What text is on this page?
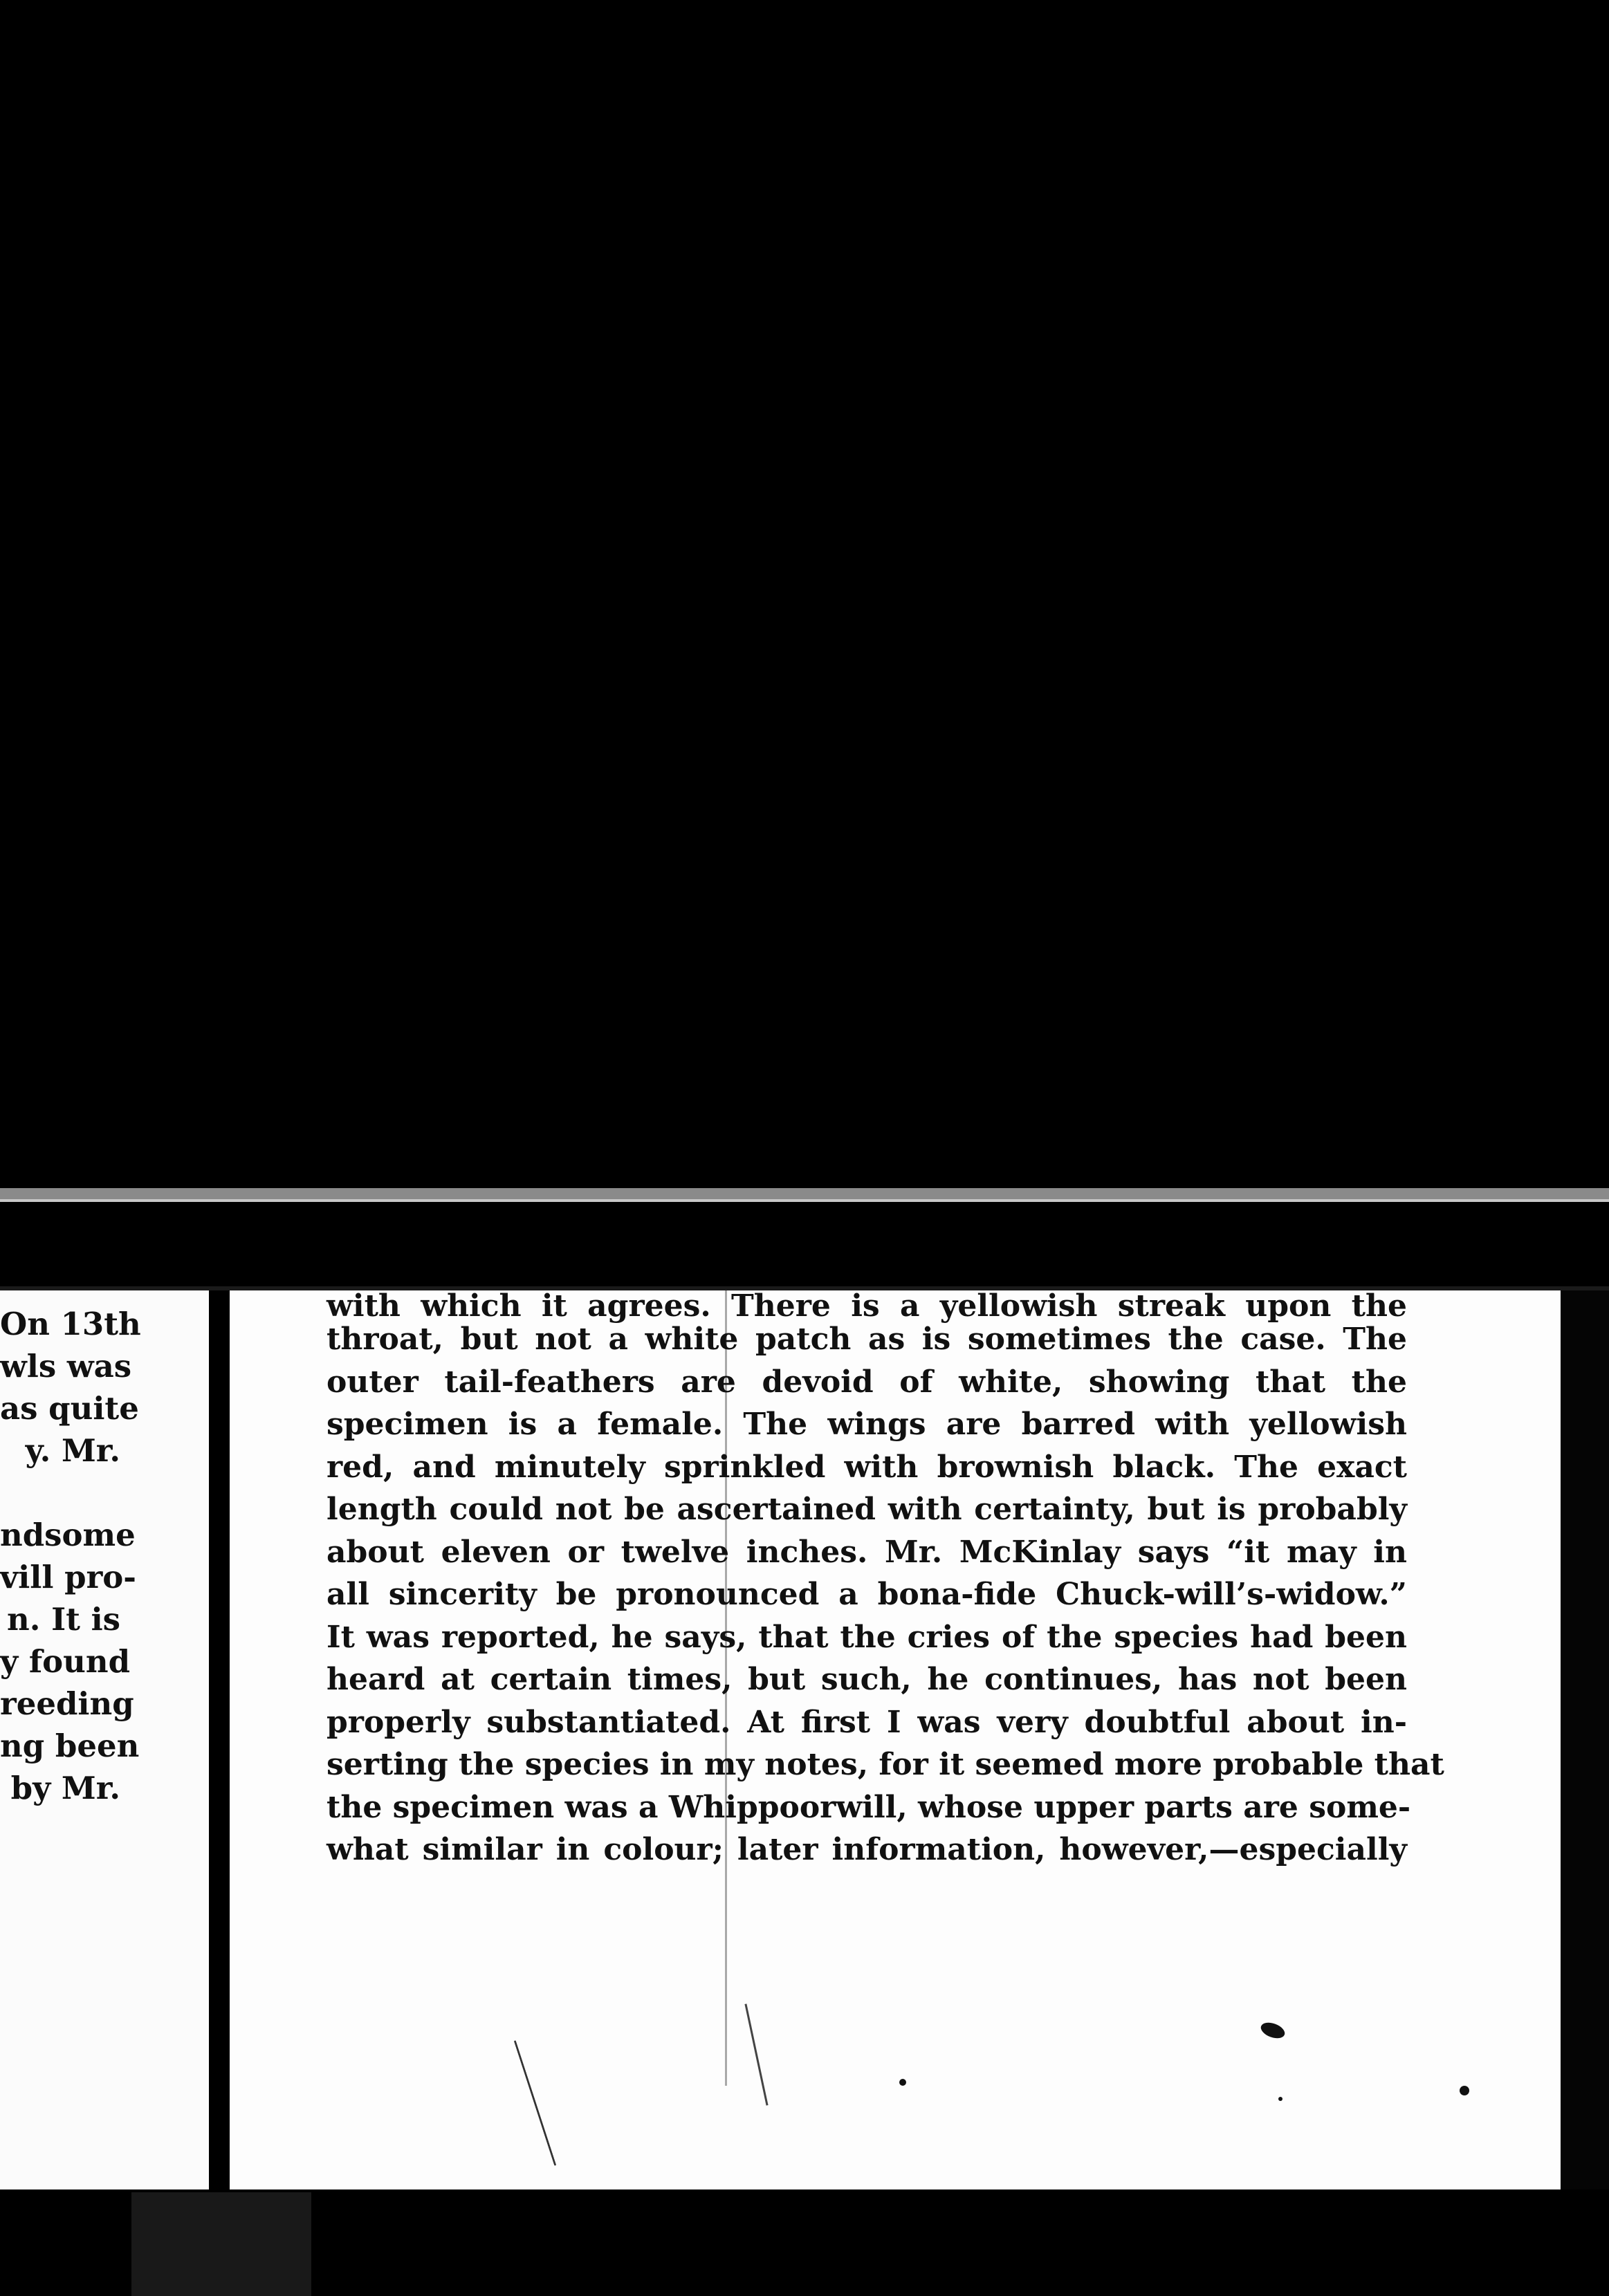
On 13th
wls was
as quite
y. Mr.
ndsome
vill pro-
n. It is
y found
reeding
ng been
by Mr.
with which it agrees. There is a yellowish streak upon the
throat, but not a white patch as is sometimes the case. The
outer tail-feathers are devoid of white, showing that the
specimen is a female. The wings are barred with yellowish
red, and minutely sprinkled with brownish black. The exact
length could not be ascertained with certainty, but is probably
about eleven or twelve inches. Mr. McKinlay says “it may in
all sincerity be pronounced a bona-fide Chuck-will’s-widow.”
It was reported, he says, that the cries of the species had been
heard at certain times, but such, he continues, has not been
properly substantiated. At first I was very doubtful about in-
serting the species in my notes, for it seemed more probable that
the specimen was a Whippoorwill, whose upper parts are some-
what similar in colour; later information, however,—especially
